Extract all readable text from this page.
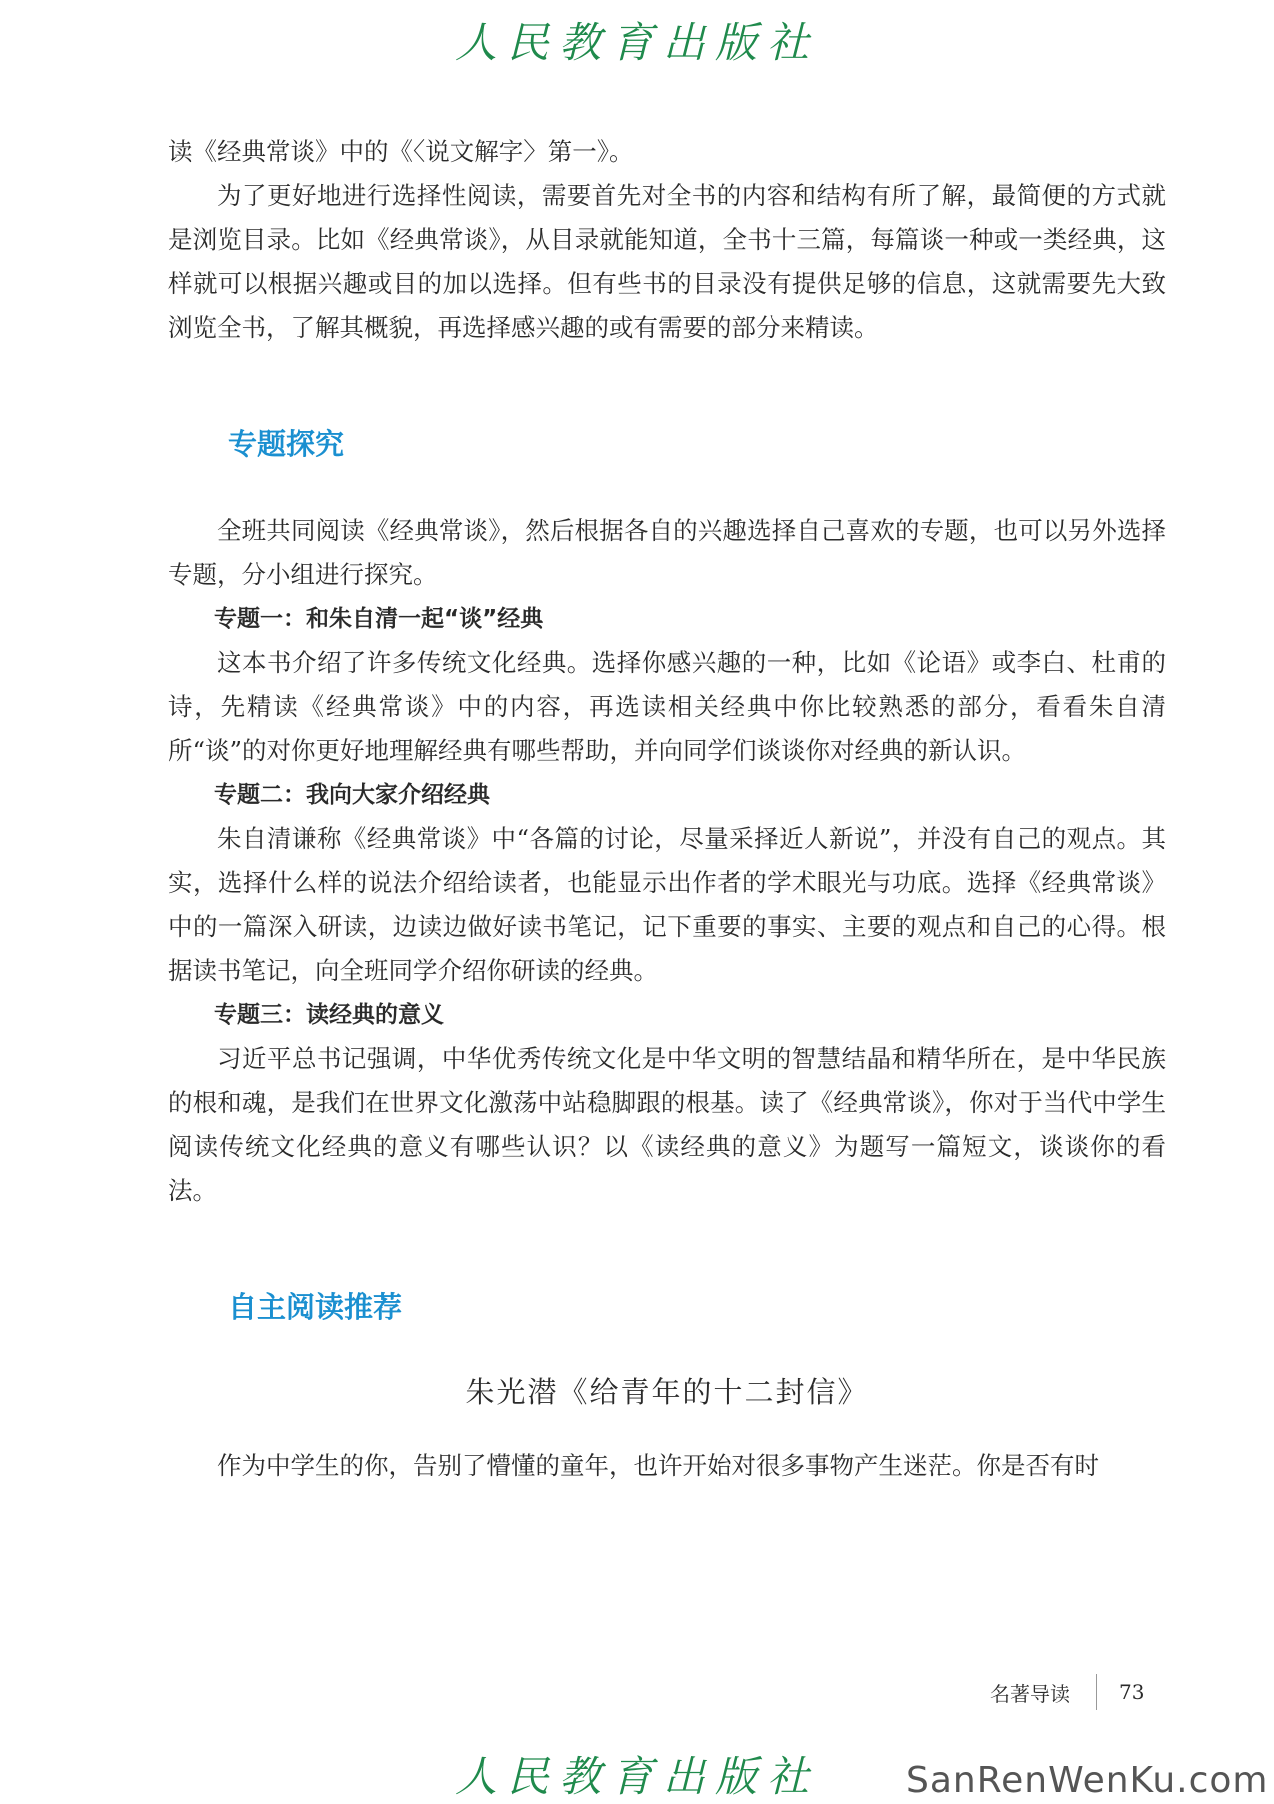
人民教育出版社

读《经典常谈》中的《〈说文解字〉第一》。

为了更好地进行选择性阅读，需要首先对全书的内容和结构有所了解，最简便的方式就是浏览目录。比如《经典常谈》，从目录就能知道，全书十三篇，每篇谈一种或一类经典，这样就可以根据兴趣或目的加以选择。但有些书的目录没有提供足够的信息，这就需要先大致浏览全书，了解其概貌，再选择感兴趣的或有需要的部分来精读。

专题探究

全班共同阅读《经典常谈》，然后根据各自的兴趣选择自己喜欢的专题，也可以另外选择专题，分小组进行探究。

专题一：和朱自清一起“谈”经典

这本书介绍了许多传统文化经典。选择你感兴趣的一种，比如《论语》或李白、杜甫的诗，先精读《经典常谈》中的内容，再选读相关经典中你比较熟悉的部分，看看朱自清所“谈”的对你更好地理解经典有哪些帮助，并向同学们谈谈你对经典的新认识。

专题二：我向大家介绍经典

朱自清谦称《经典常谈》中“各篇的讨论，尽量采择近人新说”，并没有自己的观点。其实，选择什么样的说法介绍给读者，也能显示出作者的学术眼光与功底。选择《经典常谈》中的一篇深入研读，边读边做好读书笔记，记下重要的事实、主要的观点和自己的心得。根据读书笔记，向全班同学介绍你研读的经典。

专题三：读经典的意义

习近平总书记强调，中华优秀传统文化是中华文明的智慧结晶和精华所在，是中华民族的根和魂，是我们在世界文化激荡中站稳脚跟的根基。读了《经典常谈》，你对于当代中学生阅读传统文化经典的意义有哪些认识？以《读经典的意义》为题写一篇短文，谈谈你的看法。

自主阅读推荐

朱光潜《给青年的十二封信》

作为中学生的你，告别了懵懂的童年，也许开始对很多事物产生迷茫。你是否有时

名著导读 73
人民教育出版社	SanRenWenKu.com
